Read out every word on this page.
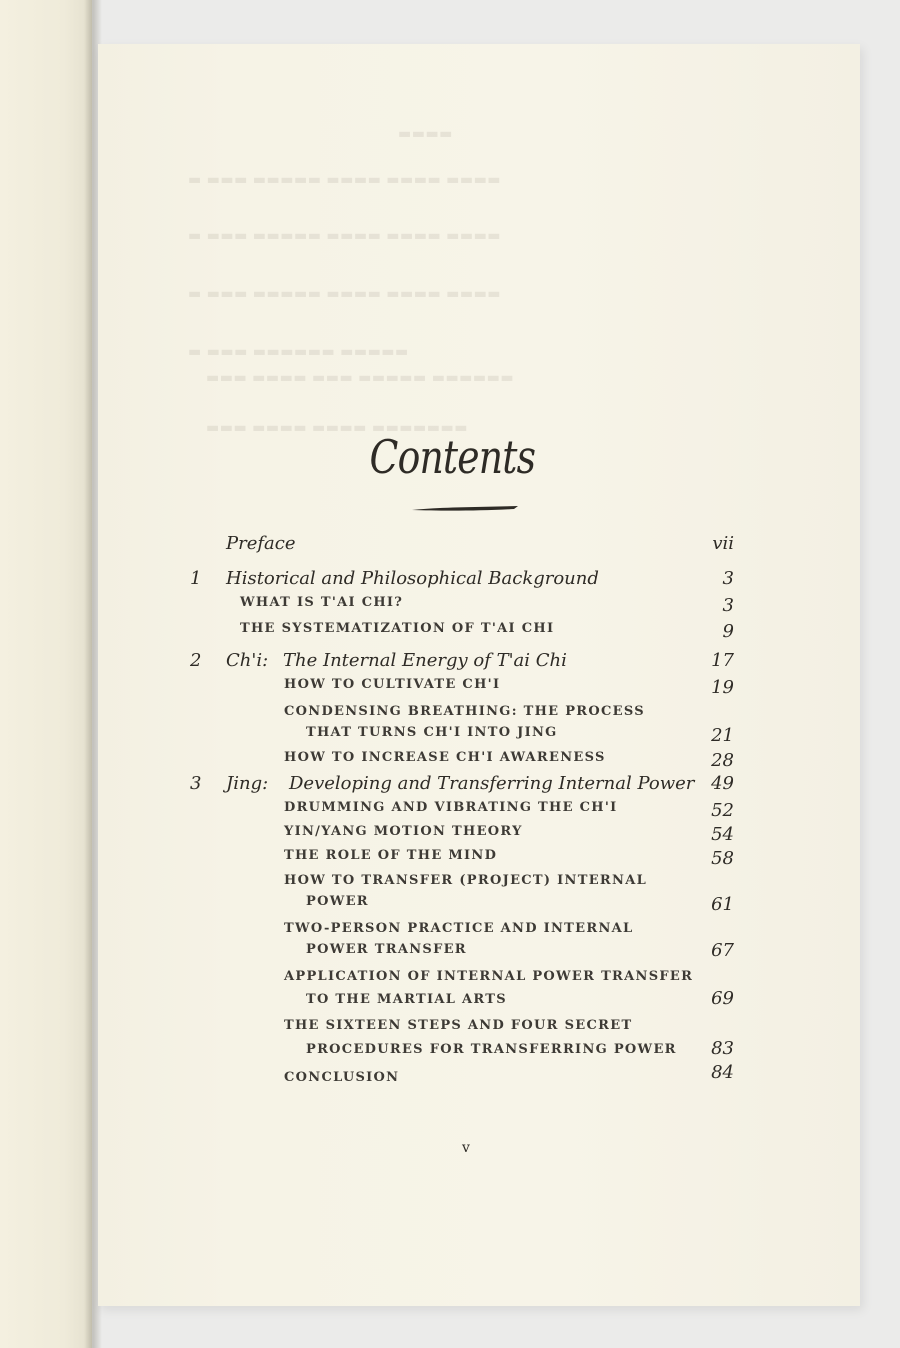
▬▬▬▬
▬ ▬▬▬ ▬▬▬▬▬ ▬▬▬▬ ▬▬▬▬ ▬▬▬▬
▬ ▬▬▬ ▬▬▬▬▬ ▬▬▬▬ ▬▬▬▬ ▬▬▬▬
▬ ▬▬▬ ▬▬▬▬▬ ▬▬▬▬ ▬▬▬▬ ▬▬▬▬
▬ ▬▬▬ ▬▬▬▬▬▬ ▬▬▬▬▬
▬▬▬ ▬▬▬▬ ▬▬▬ ▬▬▬▬▬ ▬▬▬▬▬▬
▬▬▬ ▬▬▬▬ ▬▬▬▬ ▬▬▬▬▬▬▬
Contents
Preface	vii
1	Historical and Philosophical Background	3
WHAT IS T'AI CHI?	3
THE SYSTEMATIZATION OF T'AI CHI	9
2	Ch'i: The Internal Energy of T'ai Chi	17
HOW TO CULTIVATE CH'I	19
CONDENSING BREATHING: THE PROCESS
THAT TURNS CH'I INTO JING	21
HOW TO INCREASE CH'I AWARENESS	28
3	Jing: Developing and Transferring Internal Power 49
DRUMMING AND VIBRATING THE CH'I	52
YIN/YANG MOTION THEORY	54
THE ROLE OF THE MIND	58
HOW TO TRANSFER (PROJECT) INTERNAL
POWER	61
TWO-PERSON PRACTICE AND INTERNAL
POWER TRANSFER	67
APPLICATION OF INTERNAL POWER TRANSFER
TO THE MARTIAL ARTS	69
THE SIXTEEN STEPS AND FOUR SECRET
PROCEDURES FOR TRANSFERRING POWER 83
CONCLUSION	84
v
